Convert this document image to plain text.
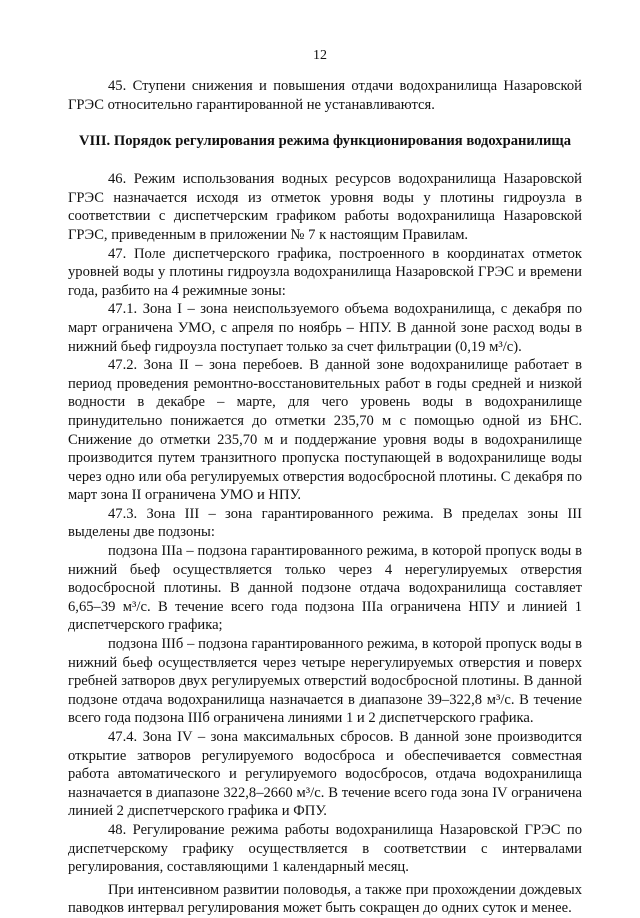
12

45. Ступени снижения и повышения отдачи водохранилища Назаровской ГРЭС относительно гарантированной не устанавливаются.

VIII. Порядок регулирования режима функционирования водохранилища

46. Режим использования водных ресурсов водохранилища Назаровской ГРЭС назначается исходя из отметок уровня воды у плотины гидроузла в соответствии с диспетчерским графиком работы водохранилища Назаровской ГРЭС, приведенным в приложении № 7 к настоящим Правилам.

47. Поле диспетчерского графика, построенного в координатах отметок уровней воды у плотины гидроузла водохранилища Назаровской ГРЭС и времени года, разбито на 4 режимные зоны:

47.1. Зона I – зона неиспользуемого объема водохранилища, с декабря по март ограничена УМО, с апреля по ноябрь – НПУ. В данной зоне расход воды в нижний бьеф гидроузла поступает только за счет фильтрации (0,19 м³/с).

47.2. Зона II – зона перебоев. В данной зоне водохранилище работает в период проведения ремонтно-восстановительных работ в годы средней и низкой водности в декабре – марте, для чего уровень воды в водохранилище принудительно понижается до отметки 235,70 м с помощью одной из БНС. Снижение до отметки 235,70 м и поддержание уровня воды в водохранилище производится путем транзитного пропуска поступающей в водохранилище воды через одно или оба регулируемых отверстия водосбросной плотины. С декабря по март зона II ограничена УМО и НПУ.

47.3. Зона III – зона гарантированного режима. В пределах зоны III выделены две подзоны:

подзона IIIа – подзона гарантированного режима, в которой пропуск воды в нижний бьеф осуществляется только через 4 нерегулируемых отверстия водосбросной плотины. В данной подзоне отдача водохранилища составляет 6,65–39 м³/с. В течение всего года подзона IIIа ограничена НПУ и линией 1 диспетчерского графика;

подзона IIIб – подзона гарантированного режима, в которой пропуск воды в нижний бьеф осуществляется через четыре нерегулируемых отверстия и поверх гребней затворов двух регулируемых отверстий водосбросной плотины. В данной подзоне отдача водохранилища назначается в диапазоне 39–322,8 м³/с. В течение всего года подзона IIIб ограничена линиями 1 и 2 диспетчерского графика.

47.4. Зона IV – зона максимальных сбросов. В данной зоне производится открытие затворов регулируемого водосброса и обеспечивается совместная работа автоматического и регулируемого водосбросов, отдача водохранилища назначается в диапазоне 322,8–2660 м³/с. В течение всего года зона IV ограничена линией 2 диспетчерского графика и ФПУ.

48. Регулирование режима работы водохранилища Назаровской ГРЭС по диспетчерскому графику осуществляется в соответствии с интервалами регулирования, составляющими 1 календарный месяц.

При интенсивном развитии половодья, а также при прохождении дождевых паводков интервал регулирования может быть сокращен до одних суток и менее.
